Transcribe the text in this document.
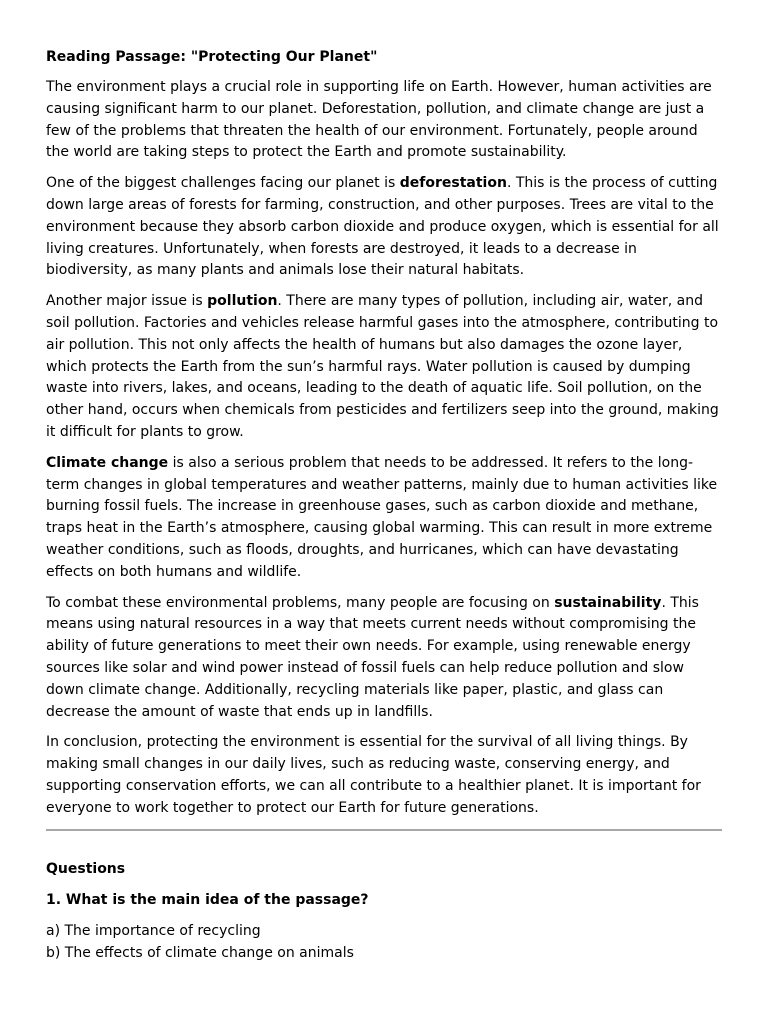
Reading Passage: "Protecting Our Planet"

The environment plays a crucial role in supporting life on Earth. However, human activities are causing significant harm to our planet. Deforestation, pollution, and climate change are just a few of the problems that threaten the health of our environment. Fortunately, people around the world are taking steps to protect the Earth and promote sustainability.

One of the biggest challenges facing our planet is deforestation. This is the process of cutting down large areas of forests for farming, construction, and other purposes. Trees are vital to the environment because they absorb carbon dioxide and produce oxygen, which is essential for all living creatures. Unfortunately, when forests are destroyed, it leads to a decrease in biodiversity, as many plants and animals lose their natural habitats.

Another major issue is pollution. There are many types of pollution, including air, water, and soil pollution. Factories and vehicles release harmful gases into the atmosphere, contributing to air pollution. This not only affects the health of humans but also damages the ozone layer, which protects the Earth from the sun’s harmful rays. Water pollution is caused by dumping waste into rivers, lakes, and oceans, leading to the death of aquatic life. Soil pollution, on the other hand, occurs when chemicals from pesticides and fertilizers seep into the ground, making it difficult for plants to grow.

Climate change is also a serious problem that needs to be addressed. It refers to the long-term changes in global temperatures and weather patterns, mainly due to human activities like burning fossil fuels. The increase in greenhouse gases, such as carbon dioxide and methane, traps heat in the Earth’s atmosphere, causing global warming. This can result in more extreme weather conditions, such as floods, droughts, and hurricanes, which can have devastating effects on both humans and wildlife.

To combat these environmental problems, many people are focusing on sustainability. This means using natural resources in a way that meets current needs without compromising the ability of future generations to meet their own needs. For example, using renewable energy sources like solar and wind power instead of fossil fuels can help reduce pollution and slow down climate change. Additionally, recycling materials like paper, plastic, and glass can decrease the amount of waste that ends up in landfills.

In conclusion, protecting the environment is essential for the survival of all living things. By making small changes in our daily lives, such as reducing waste, conserving energy, and supporting conservation efforts, we can all contribute to a healthier planet. It is important for everyone to work together to protect our Earth for future generations.

Questions
1. What is the main idea of the passage?
a) The importance of recycling
b) The effects of climate change on animals
